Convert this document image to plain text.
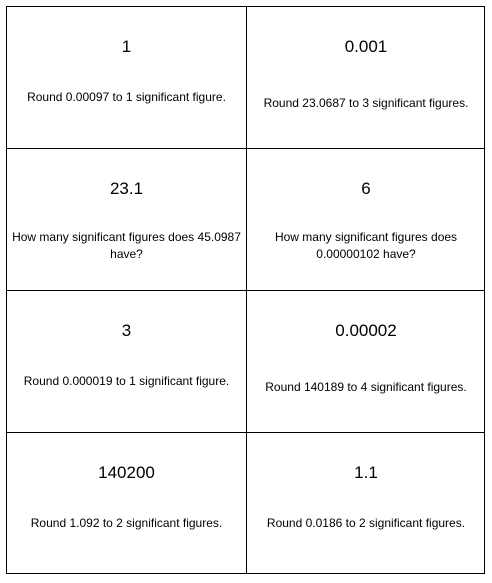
1
Round 0.00097 to 1 significant figure.
0.001
Round 23.0687 to 3 significant figures.
23.1
How many significant figures does 45.0987 have?
6
How many significant figures does 0.00000102 have?
3
Round 0.000019 to 1 significant figure.
0.00002
Round 140189 to 4 significant figures.
140200
Round 1.092 to 2 significant figures.
1.1
Round 0.0186 to 2 significant figures.
